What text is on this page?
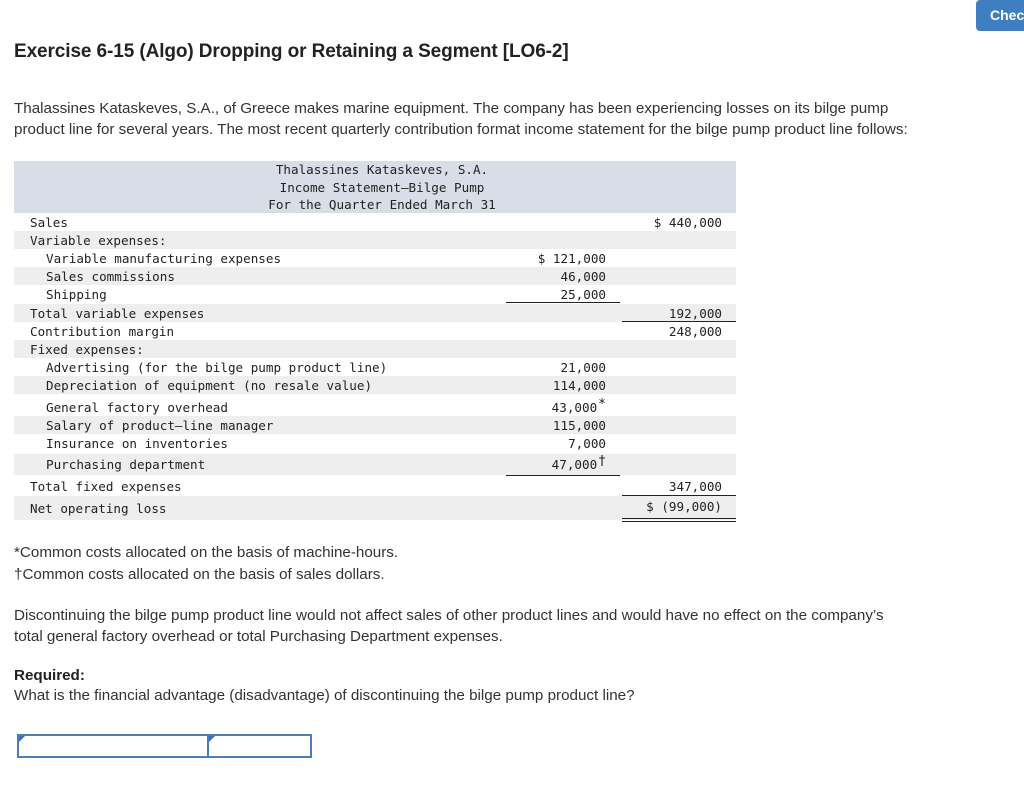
Chec
Exercise 6-15 (Algo) Dropping or Retaining a Segment [LO6-2]

Thalassines Kataskeves, S.A., of Greece makes marine equipment. The company has been experiencing losses on its bilge pump

product line for several years. The most recent quarterly contribution format income statement for the bilge pump product line follows:

Thalassines Kataskeves, S.A.
Income Statement—Bilge Pump
For the Quarter Ended March 31
Sales	$ 440,000
Variable expenses:
Variable manufacturing expenses	$ 121,000
Sales commissions	46,000
Shipping	25,000
Total variable expenses	192,000
Contribution margin	248,000
Fixed expenses:
Advertising (for the bilge pump product line)	21,000
Depreciation of equipment (no resale value)	114,000
General factory overhead	43,000*
Salary of product—line manager	115,000
Insurance on inventories	7,000
Purchasing department	47,000†
Total fixed expenses	347,000
Net operating loss	$ (99,000)

*Common costs allocated on the basis of machine-hours.

†Common costs allocated on the basis of sales dollars.

Discontinuing the bilge pump product line would not affect sales of other product lines and would have no effect on the company’s

total general factory overhead or total Purchasing Department expenses.

Required:

What is the financial advantage (disadvantage) of discontinuing the bilge pump product line?
